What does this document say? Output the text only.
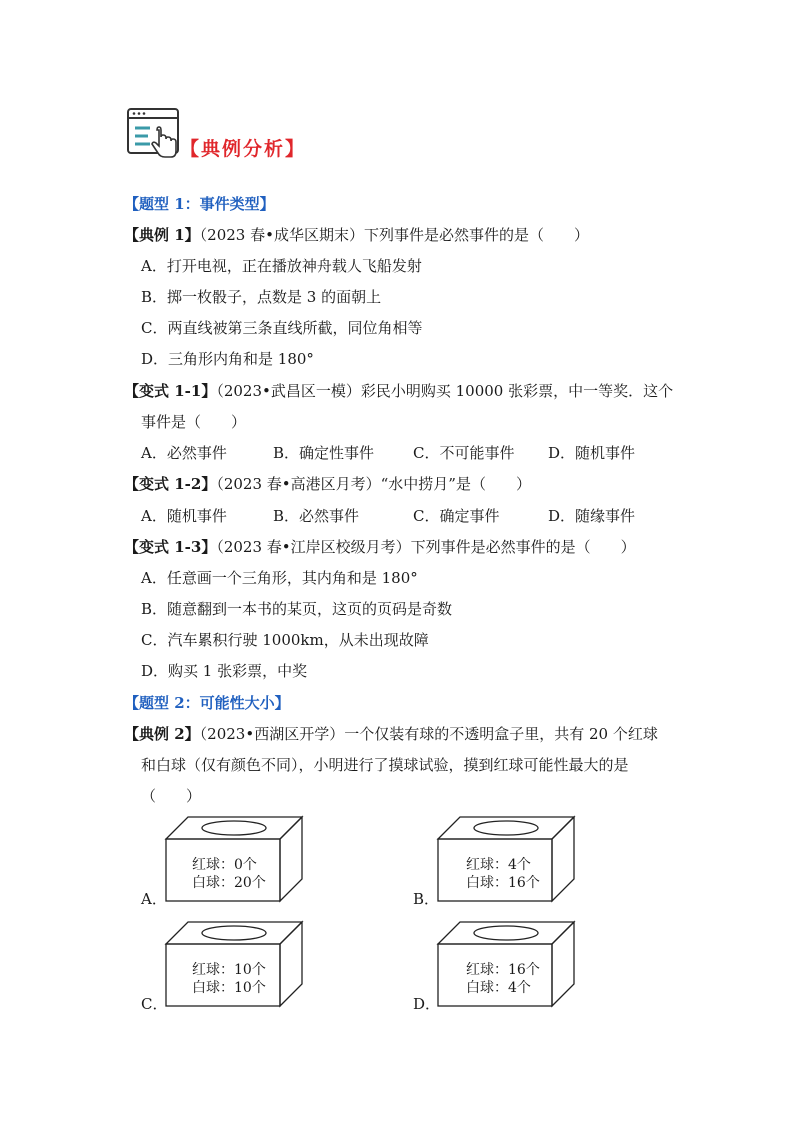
【典例分析】
【题型 1：事件类型】
【典例 1】（2023 春•成华区期末）下列事件是必然事件的是（　　）
A．打开电视，正在播放神舟载人飞船发射
B．掷一枚骰子，点数是 3 的面朝上
C．两直线被第三条直线所截，同位角相等
D．三角形内角和是 180°
【变式 1-1】（2023•武昌区一模）彩民小明购买 10000 张彩票，中一等奖．这个
事件是（　　）
A．必然事件	B．确定性事件	C．不可能事件 D．随机事件
【变式 1-2】（2023 春•高港区月考）“水中捞月”是（　　）
A．随机事件	B．必然事件	C．确定事件	D．随缘事件
【变式 1-3】（2023 春•江岸区校级月考）下列事件是必然事件的是（　　）
A．任意画一个三角形，其内角和是 180°
B．随意翻到一本书的某页，这页的页码是奇数
C．汽车累积行驶 1000km，从未出现故障
D．购买 1 张彩票，中奖
【题型 2：可能性大小】
【典例 2】（2023•西湖区开学）一个仅装有球的不透明盒子里，共有 20 个红球
和白球（仅有颜色不同），小明进行了摸球试验，摸到红球可能性最大的是
（　　）
A．
红球：0个
白球：20个
B．
红球：4个
白球：16个
C．
红球：10个
白球：10个
D．
红球：16个
白球：4个
